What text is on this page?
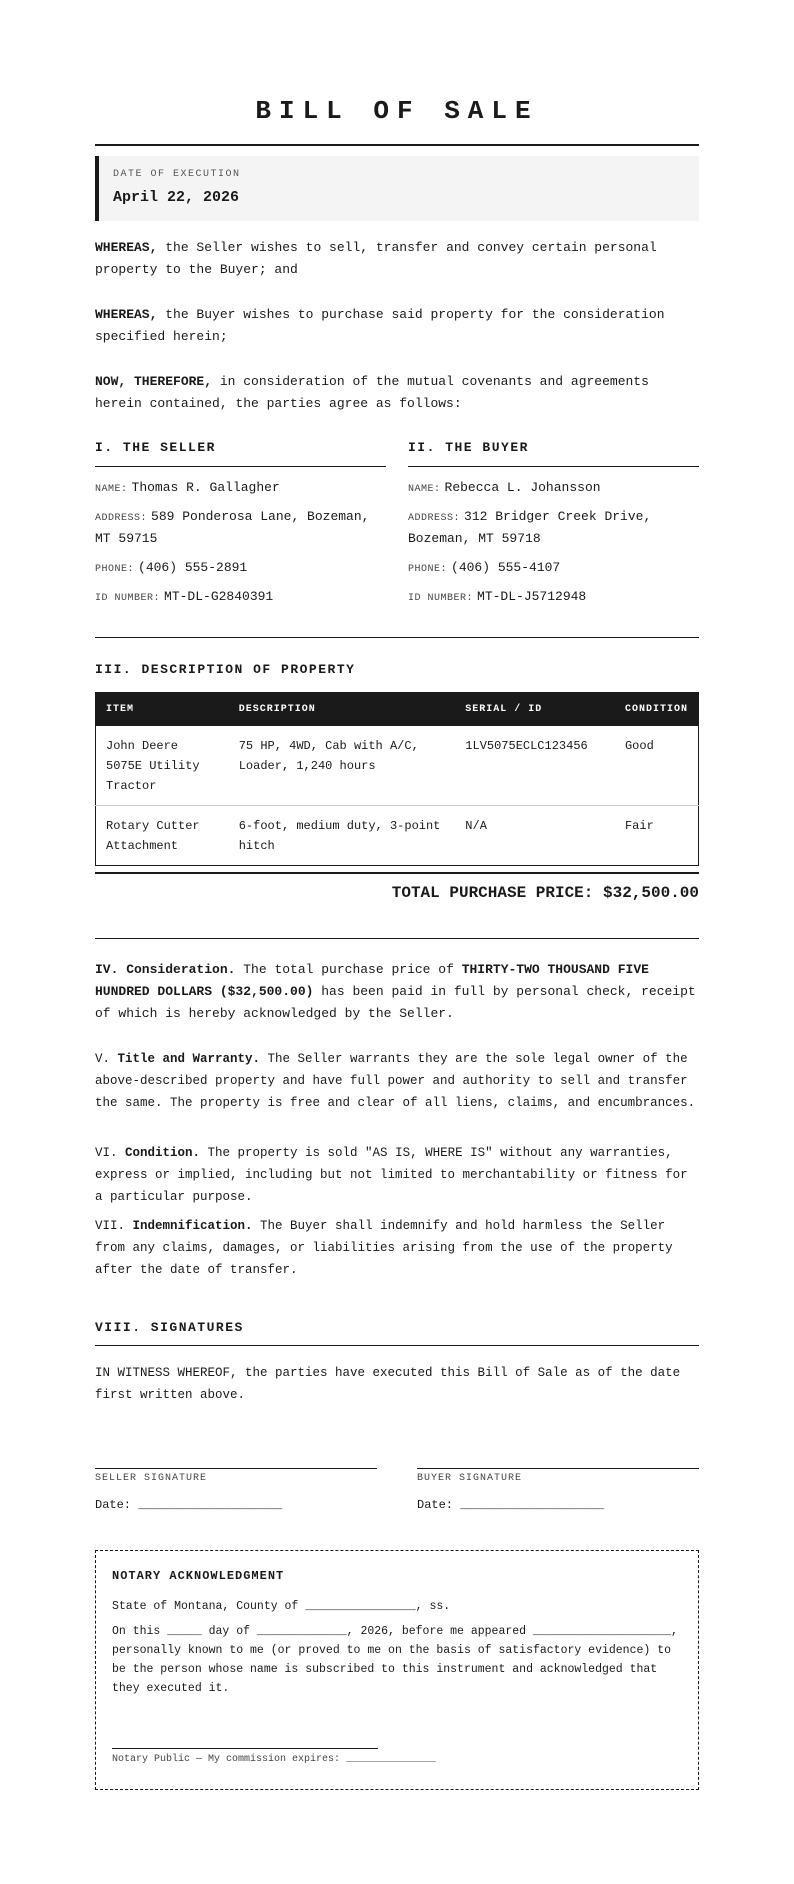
BILL OF SALE
DATE OF EXECUTION
April 22, 2026
WHEREAS, the Seller wishes to sell, transfer and convey certain personal property to the Buyer; and
WHEREAS, the Buyer wishes to purchase said property for the consideration specified herein;
NOW, THEREFORE, in consideration of the mutual covenants and agreements herein contained, the parties agree as follows:
I. THE SELLER
NAME: Thomas R. Gallagher
ADDRESS: 589 Ponderosa Lane, Bozeman, MT 59715
PHONE: (406) 555-2891
ID NUMBER: MT-DL-G2840391
II. THE BUYER
NAME: Rebecca L. Johansson
ADDRESS: 312 Bridger Creek Drive, Bozeman, MT 59718
PHONE: (406) 555-4107
ID NUMBER: MT-DL-J5712948
III. DESCRIPTION OF PROPERTY
ITEM	DESCRIPTION	SERIAL / ID	CONDITION
John Deere 5075E Utility Tractor	75 HP, 4WD, Cab with A/C, Loader, 1,240 hours	1LV5075ECLC123456	Good
Rotary Cutter Attachment	6-foot, medium duty, 3-point hitch	N/A	Fair
TOTAL PURCHASE PRICE: $32,500.00
IV. Consideration. The total purchase price of THIRTY-TWO THOUSAND FIVE HUNDRED DOLLARS ($32,500.00) has been paid in full by personal check, receipt of which is hereby acknowledged by the Seller.
V. Title and Warranty. The Seller warrants they are the sole legal owner of the above-described property and have full power and authority to sell and transfer the same. The property is free and clear of all liens, claims, and encumbrances.
VI. Condition. The property is sold "AS IS, WHERE IS" without any warranties, express or implied, including but not limited to merchantability or fitness for a particular purpose.
VII. Indemnification. The Buyer shall indemnify and hold harmless the Seller from any claims, damages, or liabilities arising from the use of the property after the date of transfer.
VIII. SIGNATURES
IN WITNESS WHEREOF, the parties have executed this Bill of Sale as of the date first written above.
SELLER SIGNATURE
Date: ____________________
BUYER SIGNATURE
Date: ____________________
NOTARY ACKNOWLEDGMENT
State of Montana, County of ________________, ss.
On this _____ day of _____________, 2026, before me appeared ____________________, personally known to me (or proved to me on the basis of satisfactory evidence) to be the person whose name is subscribed to this instrument and acknowledged that they executed it.
Notary Public — My commission expires: _______________
